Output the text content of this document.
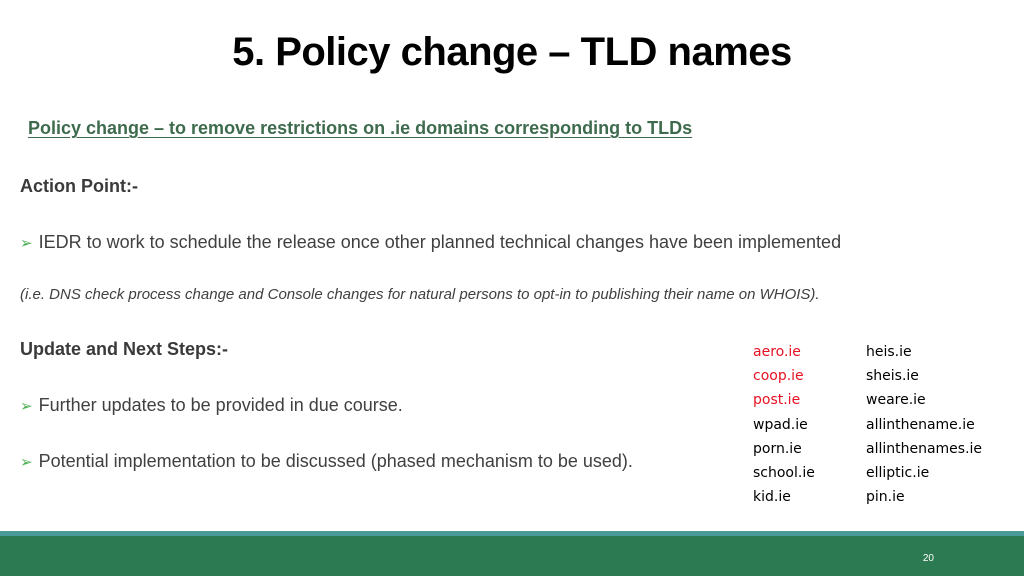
5. Policy change – TLD names
Policy change – to remove restrictions on .ie domains corresponding to TLDs
Action Point:-
➢ IEDR to work to schedule the release once other planned technical changes have been implemented
(i.e. DNS check process change and Console changes for natural persons to opt-in to publishing their name on WHOIS).
Update and Next Steps:-
➢ Further updates to be provided in due course.
➢ Potential implementation to be discussed (phased mechanism to be used).
aero.ie	heis.ie
coop.ie	sheis.ie
post.ie	weare.ie
wpad.ie	allinthename.ie
porn.ie	allinthenames.ie
school.ie	elliptic.ie
kid.ie	pin.ie
20
